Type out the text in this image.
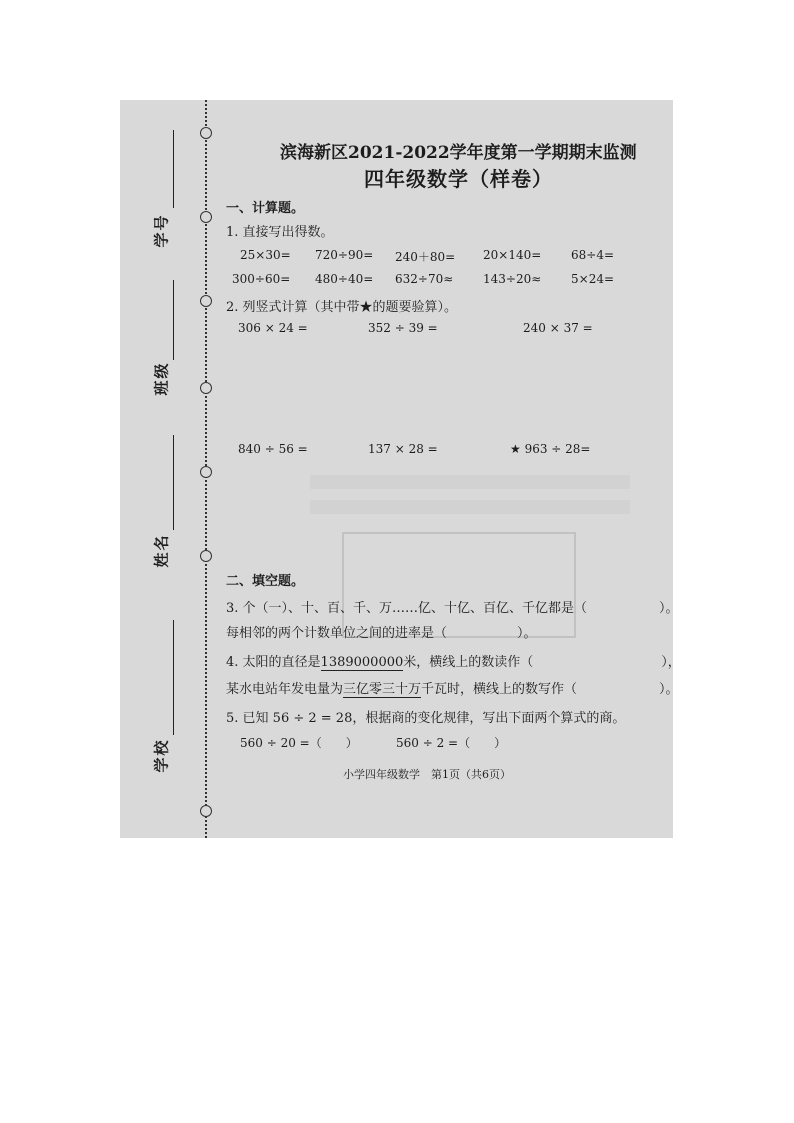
学号
班级
姓名
学校
滨海新区2021-2022学年度第一学期期末监测
四年级数学（样卷）
一、计算题。
1. 直接写出得数。
25×30= 720÷90= 240＋80= 20×140= 68÷4=
300÷60= 480÷40= 632÷70≈ 143÷20≈ 5×24=
2. 列竖式计算（其中带★的题要验算）。
306 × 24 =	352 ÷ 39 =	240 × 37 =
840 ÷ 56 =	137 × 28 =	★ 963 ÷ 28=
二、填空题。
3. 个（一）、十、百、千、万……亿、十亿、百亿、千亿都是（	）。
每相邻的两个计数单位之间的进率是（	）。
4. 太阳的直径是1389000000米，横线上的数读作（	），
某水电站年发电量为三亿零三十万千瓦时，横线上的数写作（	）。
5. 已知 56 ÷ 2 = 28，根据商的变化规律，写出下面两个算式的商。
560 ÷ 20 =（　　）	560 ÷ 2 =（　　）
小学四年级数学　第1页（共6页）
